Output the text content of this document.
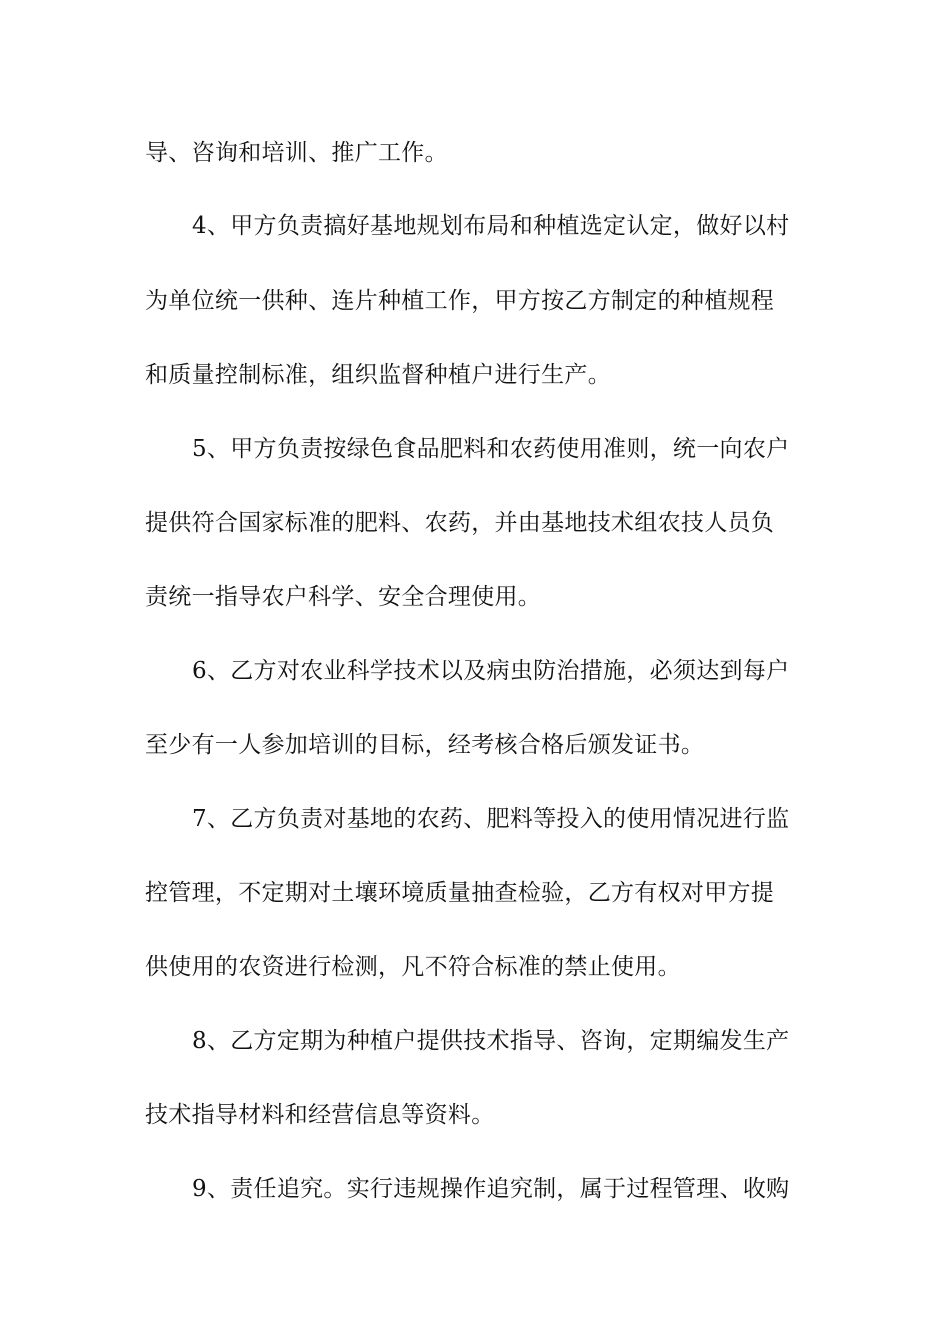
导、咨询和培训、推广工作。
4、甲方负责搞好基地规划布局和种植选定认定，做好以村
为单位统一供种、连片种植工作，甲方按乙方制定的种植规程
和质量控制标准，组织监督种植户进行生产。
5、甲方负责按绿色食品肥料和农药使用准则，统一向农户
提供符合国家标准的肥料、农药，并由基地技术组农技人员负
责统一指导农户科学、安全合理使用。
6、乙方对农业科学技术以及病虫防治措施，必须达到每户
至少有一人参加培训的目标，经考核合格后颁发证书。
7、乙方负责对基地的农药、肥料等投入的使用情况进行监
控管理，不定期对土壤环境质量抽查检验，乙方有权对甲方提
供使用的农资进行检测，凡不符合标准的禁止使用。
8、乙方定期为种植户提供技术指导、咨询，定期编发生产
技术指导材料和经营信息等资料。
9、责任追究。实行违规操作追究制，属于过程管理、收购
